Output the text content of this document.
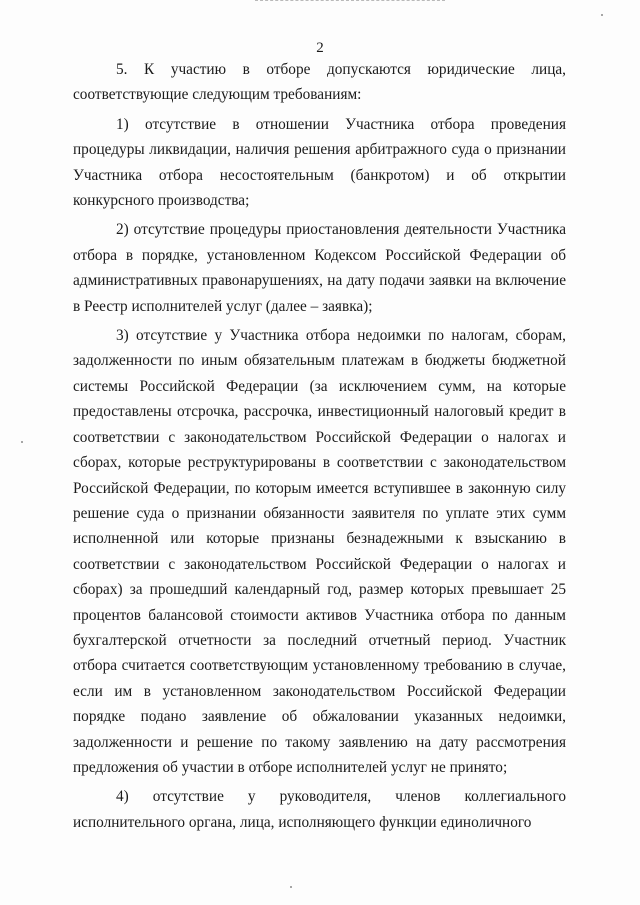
2

5. К участию в отборе допускаются юридические лица, соответствующие следующим требованиям:

1) отсутствие в отношении Участника отбора проведения процедуры ликвидации, наличия решения арбитражного суда о признании Участника отбора несостоятельным (банкротом) и об открытии конкурсного производства;

2) отсутствие процедуры приостановления деятельности Участника отбора в порядке, установленном Кодексом Российской Федерации об административных правонарушениях, на дату подачи заявки на включение в Реестр исполнителей услуг (далее – заявка);

3) отсутствие у Участника отбора недоимки по налогам, сборам, задолженности по иным обязательным платежам в бюджеты бюджетной системы Российской Федерации (за исключением сумм, на которые предоставлены отсрочка, рассрочка, инвестиционный налоговый кредит в соответствии с законодательством Российской Федерации о налогах и сборах, которые реструктурированы в соответствии с законодательством Российской Федерации, по которым имеется вступившее в законную силу решение суда о признании обязанности заявителя по уплате этих сумм исполненной или которые признаны безнадежными к взысканию в соответствии с законодательством Российской Федерации о налогах и сборах) за прошедший календарный год, размер которых превышает 25 процентов балансовой стоимости активов Участника отбора по данным бухгалтерской отчетности за последний отчетный период. Участник отбора считается соответствующим установленному требованию в случае, если им в установленном законодательством Российской Федерации порядке подано заявление об обжаловании указанных недоимки, задолженности и решение по такому заявлению на дату рассмотрения предложения об участии в отборе исполнителей услуг не принято;

4) отсутствие у руководителя, членов коллегиального исполнительного органа, лица, исполняющего функции единоличного
